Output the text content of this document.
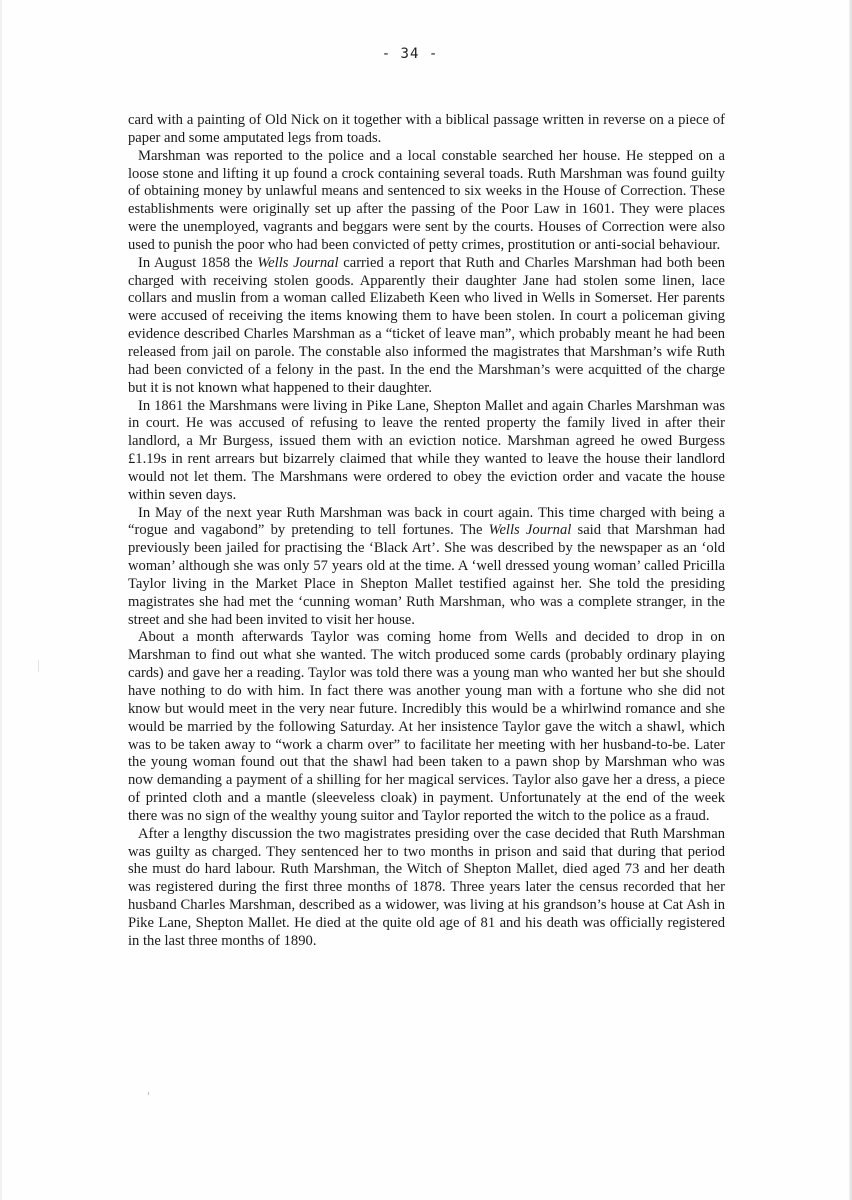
- 34 -

card with a painting of Old Nick on it together with a biblical passage written in reverse on a piece of paper and some amputated legs from toads.

Marshman was reported to the police and a local constable searched her house. He stepped on a loose stone and lifting it up found a crock containing several toads. Ruth Marshman was found guilty of obtaining money by unlawful means and sentenced to six weeks in the House of Correction. These establishments were originally set up after the passing of the Poor Law in 1601. They were places were the unemployed, vagrants and beggars were sent by the courts. Houses of Correction were also used to punish the poor who had been convicted of petty crimes, prostitution or anti-social behaviour.

In August 1858 the Wells Journal carried a report that Ruth and Charles Marshman had both been charged with receiving stolen goods. Apparently their daughter Jane had stolen some linen, lace collars and muslin from a woman called Elizabeth Keen who lived in Wells in Somerset. Her parents were accused of receiving the items knowing them to have been stolen. In court a policeman giving evidence described Charles Marshman as a “ticket of leave man”, which probably meant he had been released from jail on parole. The constable also informed the magistrates that Marshman’s wife Ruth had been convicted of a felony in the past. In the end the Marshman’s were acquitted of the charge but it is not known what happened to their daughter.

In 1861 the Marshmans were living in Pike Lane, Shepton Mallet and again Charles Marshman was in court. He was accused of refusing to leave the rented property the family lived in after their landlord, a Mr Burgess, issued them with an eviction notice. Marshman agreed he owed Burgess £1.19s in rent arrears but bizarrely claimed that while they wanted to leave the house their landlord would not let them. The Marshmans were ordered to obey the eviction order and vacate the house within seven days.

In May of the next year Ruth Marshman was back in court again. This time charged with being a “rogue and vagabond” by pretending to tell fortunes. The Wells Journal said that Marshman had previously been jailed for practising the ‘Black Art’. She was described by the newspaper as an ‘old woman’ although she was only 57 years old at the time. A ‘well dressed young woman’ called Pricilla Taylor living in the Market Place in Shepton Mallet testified against her. She told the presiding magistrates she had met the ‘cunning woman’ Ruth Marshman, who was a complete stranger, in the street and she had been invited to visit her house.

About a month afterwards Taylor was coming home from Wells and decided to drop in on Marshman to find out what she wanted. The witch produced some cards (probably ordinary playing cards) and gave her a reading. Taylor was told there was a young man who wanted her but she should have nothing to do with him. In fact there was another young man with a fortune who she did not know but would meet in the very near future. Incredibly this would be a whirlwind romance and she would be married by the following Saturday. At her insistence Taylor gave the witch a shawl, which was to be taken away to “work a charm over” to facilitate her meeting with her husband-to-be. Later the young woman found out that the shawl had been taken to a pawn shop by Marshman who was now demanding a payment of a shilling for her magical services. Taylor also gave her a dress, a piece of printed cloth and a mantle (sleeveless cloak) in payment. Unfortunately at the end of the week there was no sign of the wealthy young suitor and Taylor reported the witch to the police as a fraud.

After a lengthy discussion the two magistrates presiding over the case decided that Ruth Marshman was guilty as charged. They sentenced her to two months in prison and said that during that period she must do hard labour. Ruth Marshman, the Witch of Shepton Mallet, died aged 73 and her death was registered during the first three months of 1878. Three years later the census recorded that her husband Charles Marshman, described as a widower, was living at his grandson’s house at Cat Ash in Pike Lane, Shepton Mallet. He died at the quite old age of 81 and his death was officially registered in the last three months of 1890.
